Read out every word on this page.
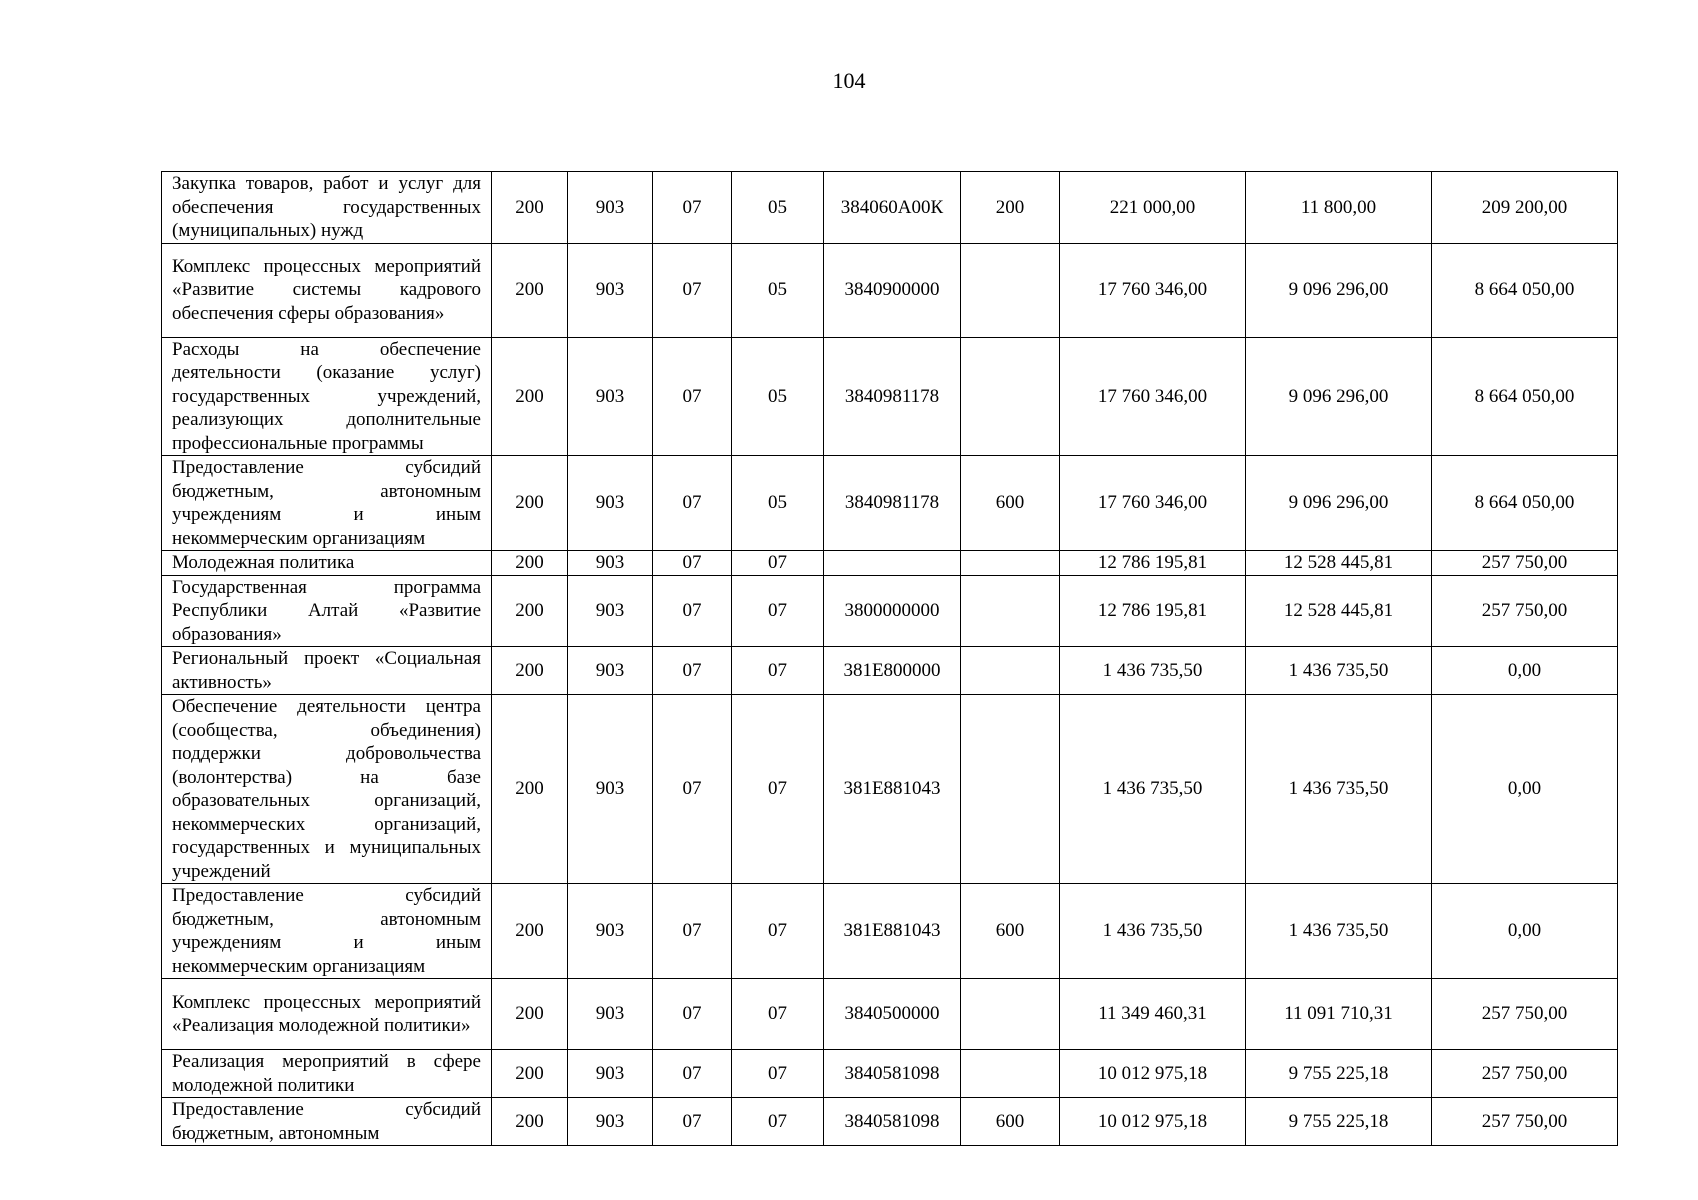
104
Закупка товаров, работ и услуг для обеспечения государственных (муниципальных) нужд	200	903	07	05	384060А00К	200	221 000,00	11 800,00	209 200,00
Комплекс процессных мероприятий «Развитие системы кадрового обеспечения сферы образования»	200	903	07	05	3840900000		17 760 346,00	9 096 296,00	8 664 050,00
Расходы на обеспечение деятельности (оказание услуг) государственных учреждений, реализующих дополнительные профессиональные программы	200	903	07	05	3840981178		17 760 346,00	9 096 296,00	8 664 050,00
Предоставление субсидий бюджетным, автономным учреждениям и иным некоммерческим организациям	200	903	07	05	3840981178	600	17 760 346,00	9 096 296,00	8 664 050,00
Молодежная политика	200	903	07	07			12 786 195,81	12 528 445,81	257 750,00
Государственная программа Республики Алтай «Развитие образования»	200	903	07	07	3800000000		12 786 195,81	12 528 445,81	257 750,00
Региональный проект «Социальная активность»	200	903	07	07	381Е800000		1 436 735,50	1 436 735,50	0,00
Обеспечение деятельности центра (сообщества, объединения) поддержки добровольчества (волонтерства) на базе образовательных организаций, некоммерческих организаций, государственных и муниципальных учреждений	200	903	07	07	381Е881043		1 436 735,50	1 436 735,50	0,00
Предоставление субсидий бюджетным, автономным учреждениям и иным некоммерческим организациям	200	903	07	07	381Е881043	600	1 436 735,50	1 436 735,50	0,00
Комплекс процессных мероприятий «Реализация молодежной политики»	200	903	07	07	3840500000		11 349 460,31	11 091 710,31	257 750,00
Реализация мероприятий в сфере молодежной политики	200	903	07	07	3840581098		10 012 975,18	9 755 225,18	257 750,00
Предоставление субсидий бюджетным, автономным	200	903	07	07	3840581098	600	10 012 975,18	9 755 225,18	257 750,00
